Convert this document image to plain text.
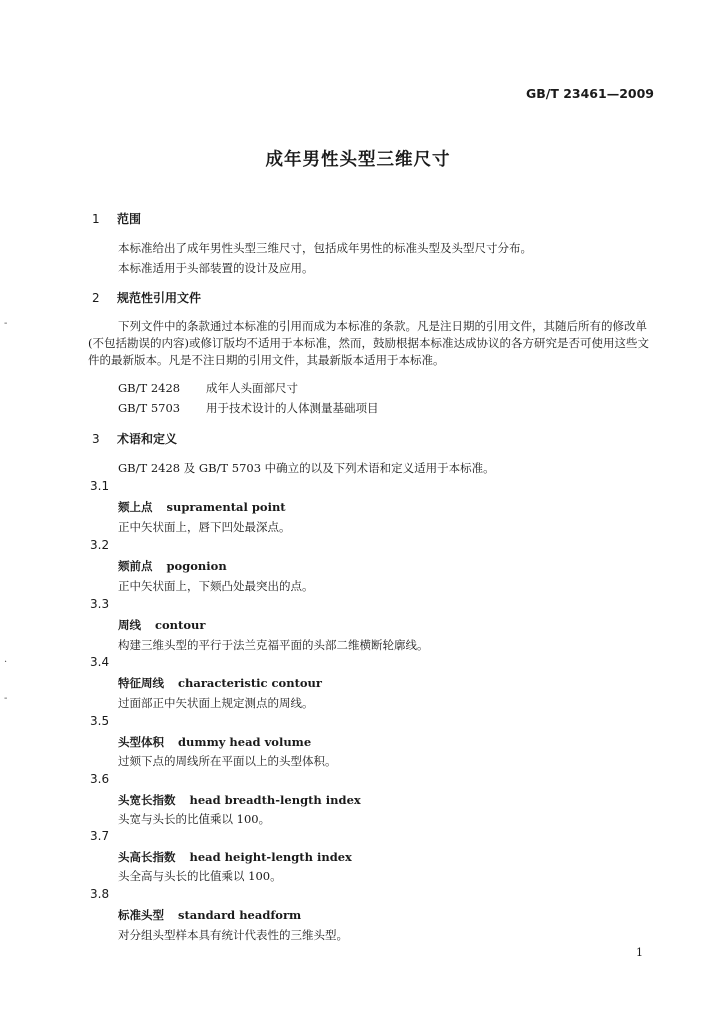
GB/T 23461—2009
成年男性头型三维尺寸
1 范围
本标准给出了成年男性头型三维尺寸，包括成年男性的标准头型及头型尺寸分布。
本标准适用于头部装置的设计及应用。
2 规范性引用文件
下列文件中的条款通过本标准的引用而成为本标准的条款。凡是注日期的引用文件，其随后所有的修改单(不包括勘误的内容)或修订版均不适用于本标准，然而，鼓励根据本标准达成协议的各方研究是否可使用这些文件的最新版本。凡是不注日期的引用文件，其最新版本适用于本标准。
GB/T 2428 成年人头面部尺寸
GB/T 5703 用于技术设计的人体测量基础项目
3 术语和定义
GB/T 2428 及 GB/T 5703 中确立的以及下列术语和定义适用于本标准。
3.1
颏上点 supramental point
正中矢状面上，唇下凹处最深点。
3.2
颏前点 pogonion
正中矢状面上，下颏凸处最突出的点。
3.3
周线 contour
构建三维头型的平行于法兰克福平面的头部二维横断轮廓线。
3.4
特征周线 characteristic contour
过面部正中矢状面上规定测点的周线。
3.5
头型体积 dummy head volume
过颏下点的周线所在平面以上的头型体积。
3.6
头宽长指数 head breadth-length index
头宽与头长的比值乘以 100。
3.7
头高长指数 head height-length index
头全高与头长的比值乘以 100。
3.8
标准头型 standard headform
对分组头型样本具有统计代表性的三维头型。
1
-
·
-
